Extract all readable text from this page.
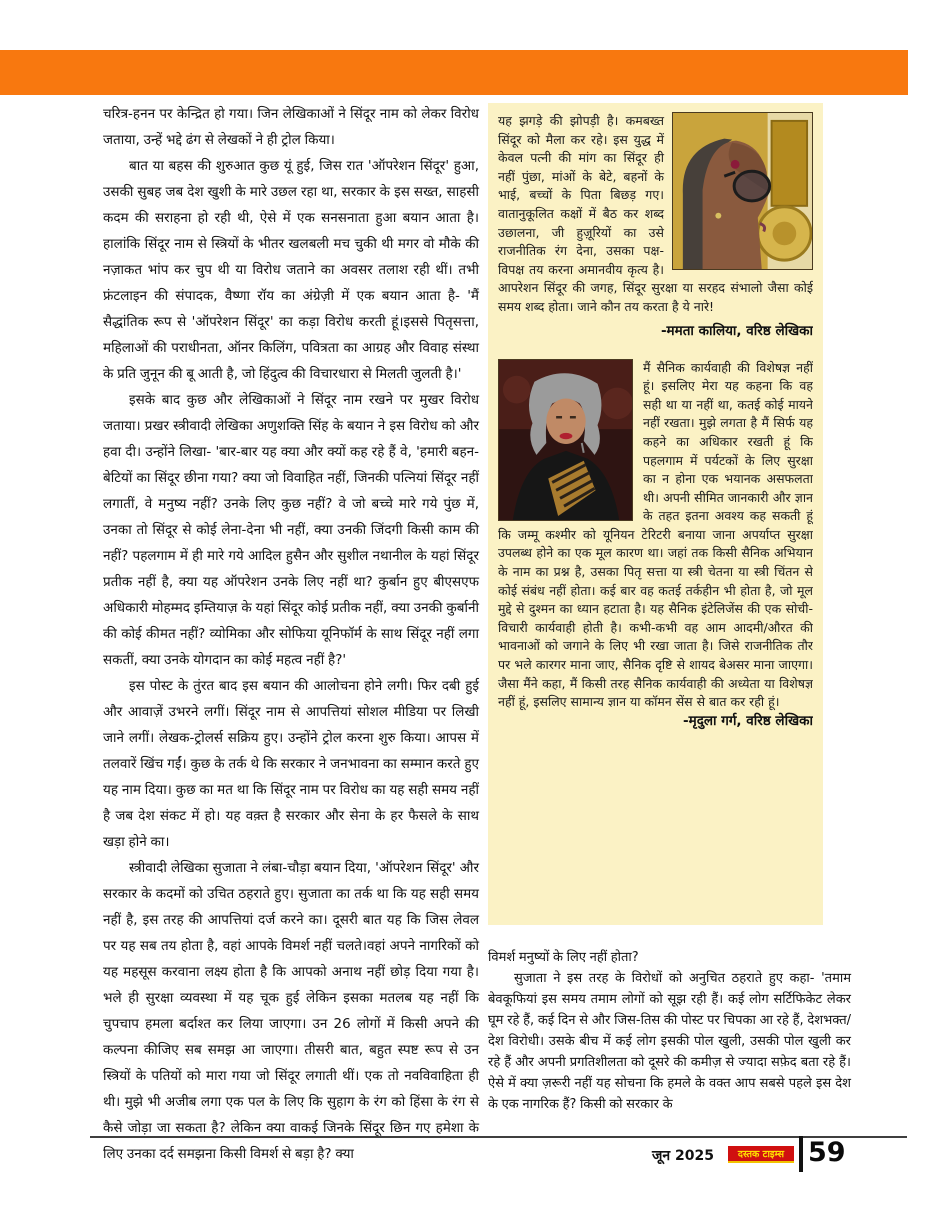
चरित्र-हनन पर केन्द्रित हो गया। जिन लेखिकाओं ने सिंदूर नाम को लेकर विरोध जताया, उन्हें भद्दे ढंग से लेखकों ने ही ट्रोल किया।

बात या बहस की शुरुआत कुछ यूं हुई, जिस रात 'ऑपरेशन सिंदूर' हुआ, उसकी सुबह जब देश खुशी के मारे उछल रहा था, सरकार के इस सख्त, साहसी कदम की सराहना हो रही थी, ऐसे में एक सनसनाता हुआ बयान आता है। हालांकि सिंदूर नाम से स्त्रियों के भीतर खलबली मच चुकी थी मगर वो मौके की नज़ाकत भांप कर चुप थी या विरोध जताने का अवसर तलाश रही थीं। तभी फ्रंटलाइन की संपादक, वैष्णा रॉय का अंग्रेज़ी में एक बयान आता है- 'मैं सैद्धांतिक रूप से 'ऑपरेशन सिंदूर' का कड़ा विरोध करती हूं।इससे पितृसत्ता, महिलाओं की पराधीनता, ऑनर किलिंग, पवित्रता का आग्रह और विवाह संस्था के प्रति जुनून की बू आती है, जो हिंदुत्व की विचारधारा से मिलती जुलती है।'

इसके बाद कुछ और लेखिकाओं ने सिंदूर नाम रखने पर मुखर विरोध जताया। प्रखर स्त्रीवादी लेखिका अणुशक्ति सिंह के बयान ने इस विरोध को और हवा दी। उन्होंने लिखा- 'बार-बार यह क्या और क्यों कह रहे हैं वे, 'हमारी बहन-बेटियों का सिंदूर छीना गया? क्या जो विवाहित नहीं, जिनकी पत्नियां सिंदूर नहीं लगातीं, वे मनुष्य नहीं? उनके लिए कुछ नहीं? वे जो बच्चे मारे गये पुंछ में, उनका तो सिंदूर से कोई लेना-देना भी नहीं, क्या उनकी जिंदगी किसी काम की नहीं? पहलगाम में ही मारे गये आदिल हुसैन और सुशील नथानील के यहां सिंदूर प्रतीक नहीं है, क्या यह ऑपरेशन उनके लिए नहीं था? कुर्बान हुए बीएसएफ अधिकारी मोहम्मद इम्तियाज़ के यहां सिंदूर कोई प्रतीक नहीं, क्या उनकी कुर्बानी की कोई कीमत नहीं? व्योमिका और सोफिया यूनिफॉर्म के साथ सिंदूर नहीं लगा सकतीं, क्या उनके योगदान का कोई महत्व नहीं है?'

इस पोस्ट के तुंरत बाद इस बयान की आलोचना होने लगी। फिर दबी हुई और आवाज़ें उभरने लगीं। सिंदूर नाम से आपत्तियां सोशल मीडिया पर लिखी जाने लगीं। लेखक-ट्रोलर्स सक्रिय हुए। उन्होंने ट्रोल करना शुरु किया। आपस में तलवारें खिंच गईं। कुछ के तर्क थे कि सरकार ने जनभावना का सम्मान करते हुए यह नाम दिया। कुछ का मत था कि सिंदूर नाम पर विरोध का यह सही समय नहीं है जब देश संकट में हो। यह वक़्त है सरकार और सेना के हर फैसले के साथ खड़ा होने का।

स्त्रीवादी लेखिका सुजाता ने लंबा-चौड़ा बयान दिया, 'ऑपरेशन सिंदूर' और सरकार के कदमों को उचित ठहराते हुए। सुजाता का तर्क था कि यह सही समय नहीं है, इस तरह की आपत्तियां दर्ज करने का। दूसरी बात यह कि जिस लेवल पर यह सब तय होता है, वहां आपके विमर्श नहीं चलते।वहां अपने नागरिकों को यह महसूस करवाना लक्ष्य होता है कि आपको अनाथ नहीं छोड़ दिया गया है। भले ही सुरक्षा व्यवस्था में यह चूक हुई लेकिन इसका मतलब यह नहीं कि चुपचाप हमला बर्दाश्त कर लिया जाएगा। उन 26 लोगों में किसी अपने की कल्पना कीजिए सब समझ आ जाएगा। तीसरी बात, बहुत स्पष्ट रूप से उन स्त्रियों के पतियों को मारा गया जो सिंदूर लगाती थीं। एक तो नवविवाहिता ही थी। मुझे भी अजीब लगा एक पल के लिए कि सुहाग के रंग को हिंसा के रंग से कैसे जोड़ा जा सकता है? लेकिन क्या वाकई जिनके सिंदूर छिन गए हमेशा के लिए उनका दर्द समझना किसी विमर्श से बड़ा है? क्या

यह झगड़े की झोपड़ी है। कमबख्त सिंदूर को मैला कर रहे। इस युद्ध में केवल पत्नी की मांग का सिंदूर ही नहीं पुंछा, मांओं के बेटे, बहनों के भाई, बच्चों के पिता बिछड़ गए। वातानुकूलित कक्षों में बैठ कर शब्द उछालना, जी हुज़ूरियों का उसे राजनीतिक रंग देना, उसका पक्ष-विपक्ष तय करना अमानवीय कृत्य है। आपरेशन सिंदूर की जगह, सिंदूर सुरक्षा या सरहद संभालो जैसा कोई समय शब्द होता। जाने कौन तय करता है ये नारे!

-ममता कालिया, वरिष्ठ लेखिका

मैं सैनिक कार्यवाही की विशेषज्ञ नहीं हूं। इसलिए मेरा यह कहना कि वह सही था या नहीं था, कतई कोई मायने नहीं रखता। मुझे लगता है मैं सिर्फ यह कहने का अधिकार रखती हूं कि पहलगाम में पर्यटकों के लिए सुरक्षा का न होना एक भयानक असफलता थी। अपनी सीमित जानकारी और ज्ञान के तहत इतना अवश्य कह सकती हूं कि जम्मू कश्मीर को यूनियन टेरिटरी बनाया जाना अपर्याप्त सुरक्षा उपलब्ध होने का एक मूल कारण था। जहां तक किसी सैनिक अभियान के नाम का प्रश्न है, उसका पितृ सत्ता या स्त्री चेतना या स्त्री चिंतन से कोई संबंध नहीं होता। कई बार वह कतई तर्कहीन भी होता है, जो मूल मुद्दे से दुश्मन का ध्यान हटाता है। यह सैनिक इंटेलिजेंस की एक सोची-विचारी कार्यवाही होती है। कभी-कभी वह आम आदमी/औरत की भावनाओं को जगाने के लिए भी रखा जाता है। जिसे राजनीतिक तौर पर भले कारगर माना जाए, सैनिक दृष्टि से शायद बेअसर माना जाएगा। जैसा मैंने कहा, मैं किसी तरह सैनिक कार्यवाही की अध्येता या विशेषज्ञ नहीं हूं, इसलिए सामान्य ज्ञान या कॉमन सेंस से बात कर रही हूं।
-मृदुला गर्ग, वरिष्ठ लेखिका

विमर्श मनुष्यों के लिए नहीं होता?

सुजाता ने इस तरह के विरोधों को अनुचित ठहराते हुए कहा- 'तमाम बेवकूफियां इस समय तमाम लोगों को सूझ रही हैं। कई लोग सर्टिफिकेट लेकर घूम रहे हैं, कई दिन से और जिस-तिस की पोस्ट पर चिपका आ रहे हैं, देशभक्त/ देश विरोधी। उसके बीच में कई लोग इसकी पोल खुली, उसकी पोल खुली कर रहे हैं और अपनी प्रगतिशीलता को दूसरे की कमीज़ से ज्यादा सफे़द बता रहे हैं। ऐसे में क्या ज़रूरी नहीं यह सोचना कि हमले के वक्त आप सबसे पहले इस देश के एक नागरिक हैं? किसी को सरकार के

जून 2025	दस्तक टाइम्स 59
